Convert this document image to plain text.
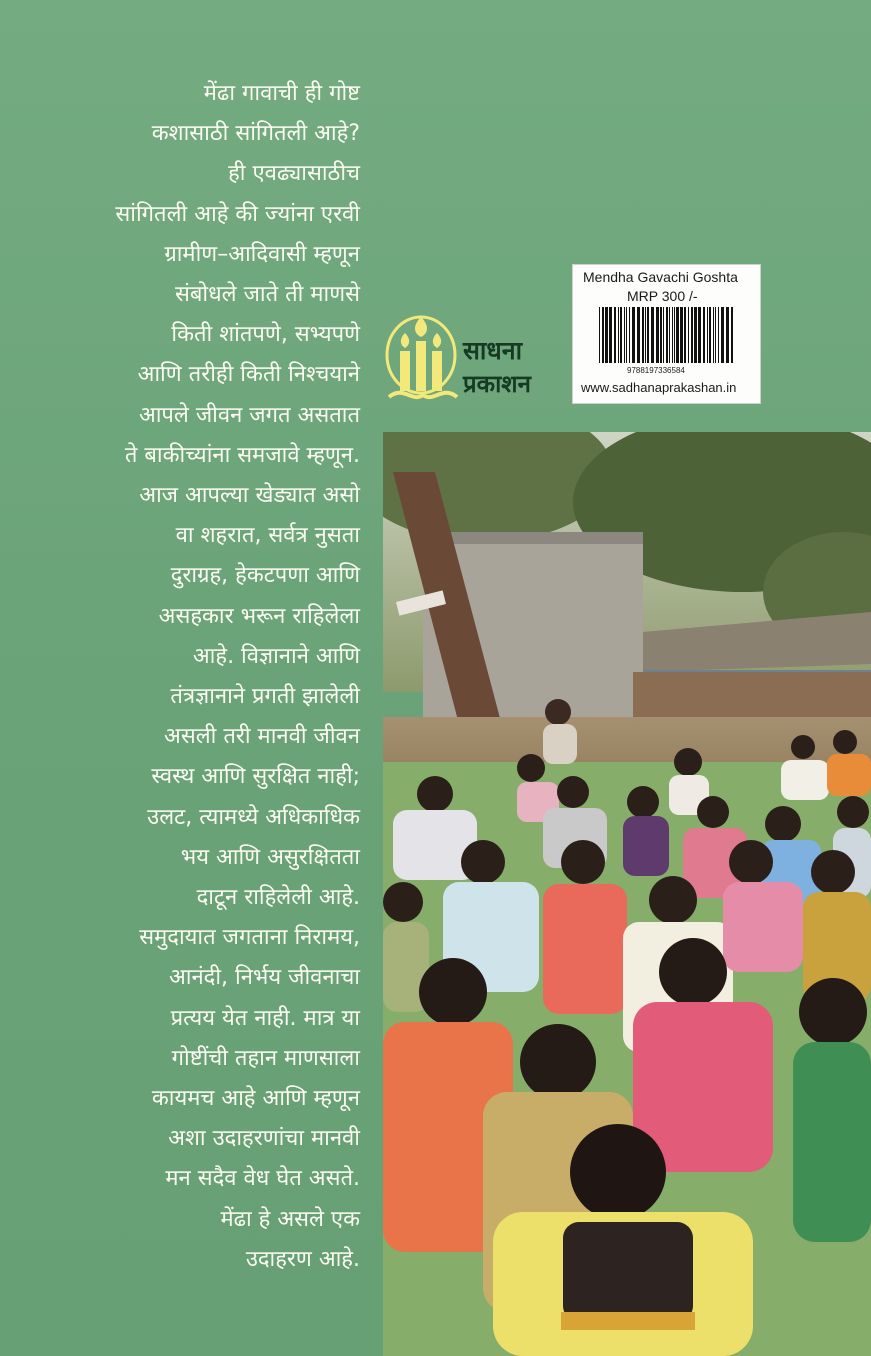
मेंढा गावाची ही गोष्ट
कशासाठी सांगितली आहे?
ही एवढ्यासाठीच
सांगितली आहे की ज्यांना एरवी
ग्रामीण–आदिवासी म्हणून
संबोधले जाते ती माणसे
किती शांतपणे, सभ्यपणे
आणि तरीही किती निश्चयाने
आपले जीवन जगत असतात
ते बाकीच्यांना समजावे म्हणून.
आज आपल्या खेड्यात असो
वा शहरात, सर्वत्र नुसता
दुराग्रह, हेकटपणा आणि
असहकार भरून राहिलेला
आहे. विज्ञानाने आणि
तंत्रज्ञानाने प्रगती झालेली
असली तरी मानवी जीवन
स्वस्थ आणि सुरक्षित नाही;
उलट, त्यामध्ये अधिकाधिक
भय आणि असुरक्षितता
दाटून राहिलेली आहे.
समुदायात जगताना निरामय,
आनंदी, निर्भय जीवनाचा
प्रत्यय येत नाही. मात्र या
गोष्टींची तहान माणसाला
कायमच आहे आणि म्हणून
अशा उदाहरणांचा मानवी
मन सदैव वेध घेत असते.
मेंढा हे असले एक
उदाहरण आहे.
साधना
प्रकाशन
Mendha Gavachi Goshta
MRP 300 /-
9788197336584
www.sadhanaprakashan.in
